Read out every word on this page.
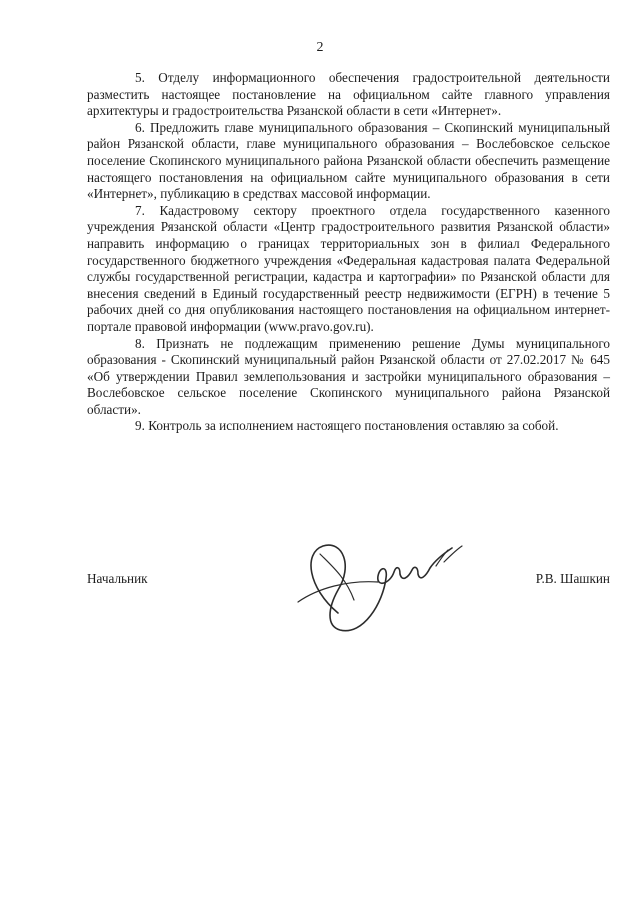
2

5. Отделу информационного обеспечения градостроительной деятельности разместить настоящее постановление на официальном сайте главного управления архитектуры и градостроительства Рязанской области в сети «Интернет».

6. Предложить главе муниципального образования – Скопинский муниципальный район Рязанской области, главе муниципального образования – Вослебовское сельское поселение Скопинского муниципального района Рязанской области обеспечить размещение настоящего постановления на официальном сайте муниципального образования в сети «Интернет», публикацию в средствах массовой информации.

7. Кадастровому сектору проектного отдела государственного казенного учреждения Рязанской области «Центр градостроительного развития Рязанской области» направить информацию о границах территориальных зон в филиал Федерального государственного бюджетного учреждения «Федеральная кадастровая палата Федеральной службы государственной регистрации, кадастра и картографии» по Рязанской области для внесения сведений в Единый государственный реестр недвижимости (ЕГРН) в течение 5 рабочих дней со дня опубликования настоящего постановления на официальном интернет-портале правовой информации (www.pravo.gov.ru).

8. Признать не подлежащим применению решение Думы муниципального образования - Скопинский муниципальный район Рязанской области от 27.02.2017 № 645 «Об утверждении Правил землепользования и застройки муниципального образования – Вослебовское сельское поселение Скопинского муниципального района Рязанской области».

9. Контроль за исполнением настоящего постановления оставляю за собой.

Начальник	Р.В. Шашкин
